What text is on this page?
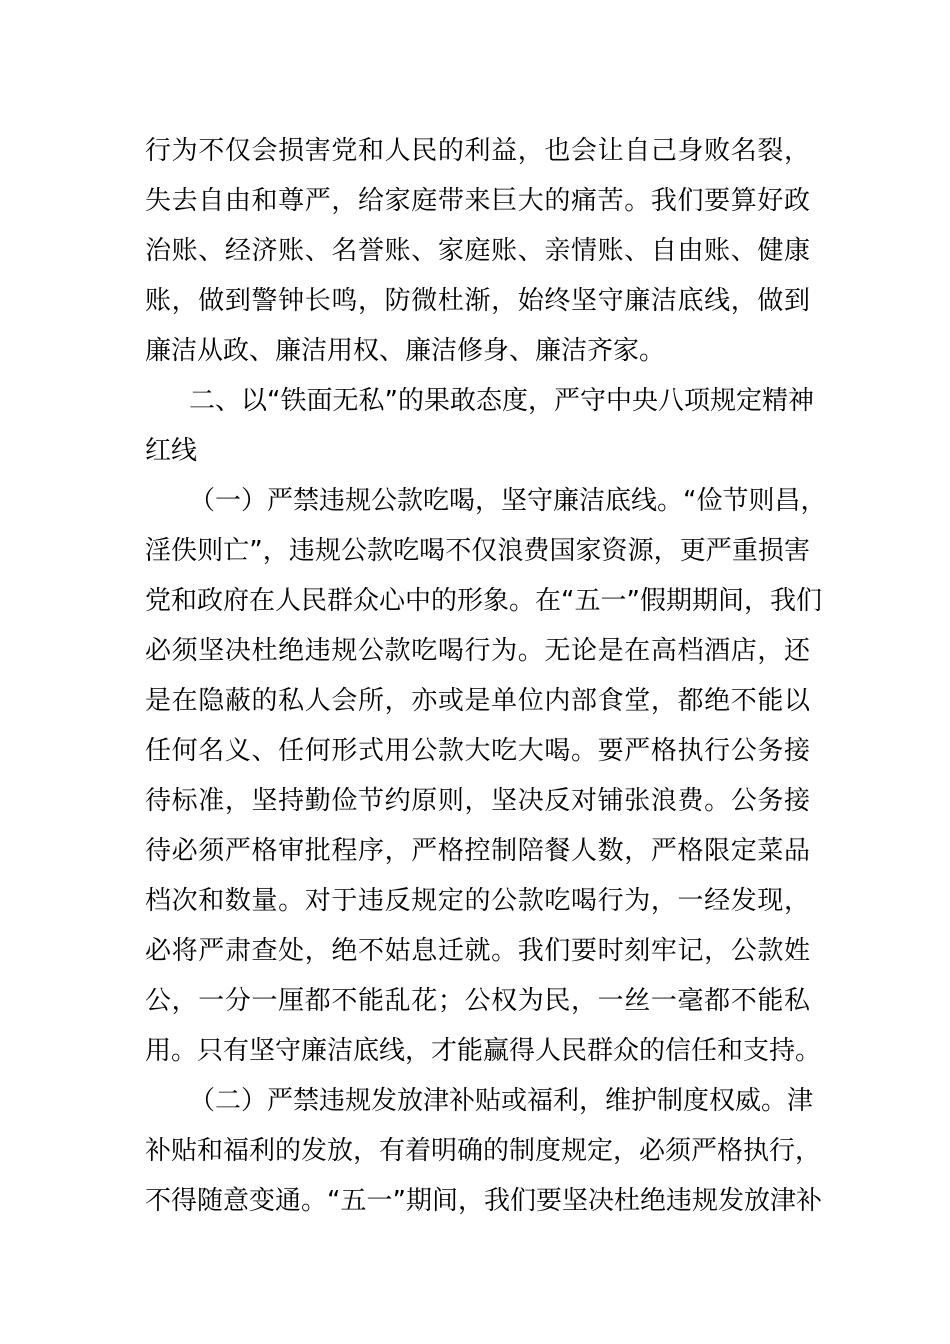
行为不仅会损害党和人民的利益，也会让自己身败名裂，
失去自由和尊严，给家庭带来巨大的痛苦。我们要算好政
治账、经济账、名誉账、家庭账、亲情账、自由账、健康
账，做到警钟长鸣，防微杜渐，始终坚守廉洁底线，做到
廉洁从政、廉洁用权、廉洁修身、廉洁齐家。
二、以“铁面无私”的果敢态度，严守中央八项规定精神
红线
（一）严禁违规公款吃喝，坚守廉洁底线。“俭节则昌，
淫佚则亡”，违规公款吃喝不仅浪费国家资源，更严重损害
党和政府在人民群众心中的形象。在“五一”假期期间，我们
必须坚决杜绝违规公款吃喝行为。无论是在高档酒店，还
是在隐蔽的私人会所，亦或是单位内部食堂，都绝不能以
任何名义、任何形式用公款大吃大喝。要严格执行公务接
待标准，坚持勤俭节约原则，坚决反对铺张浪费。公务接
待必须严格审批程序，严格控制陪餐人数，严格限定菜品
档次和数量。对于违反规定的公款吃喝行为，一经发现，
必将严肃查处，绝不姑息迁就。我们要时刻牢记，公款姓
公，一分一厘都不能乱花；公权为民，一丝一毫都不能私
用。只有坚守廉洁底线，才能赢得人民群众的信任和支持。
（二）严禁违规发放津补贴或福利，维护制度权威。津
补贴和福利的发放，有着明确的制度规定，必须严格执行，
不得随意变通。“五一”期间，我们要坚决杜绝违规发放津补
